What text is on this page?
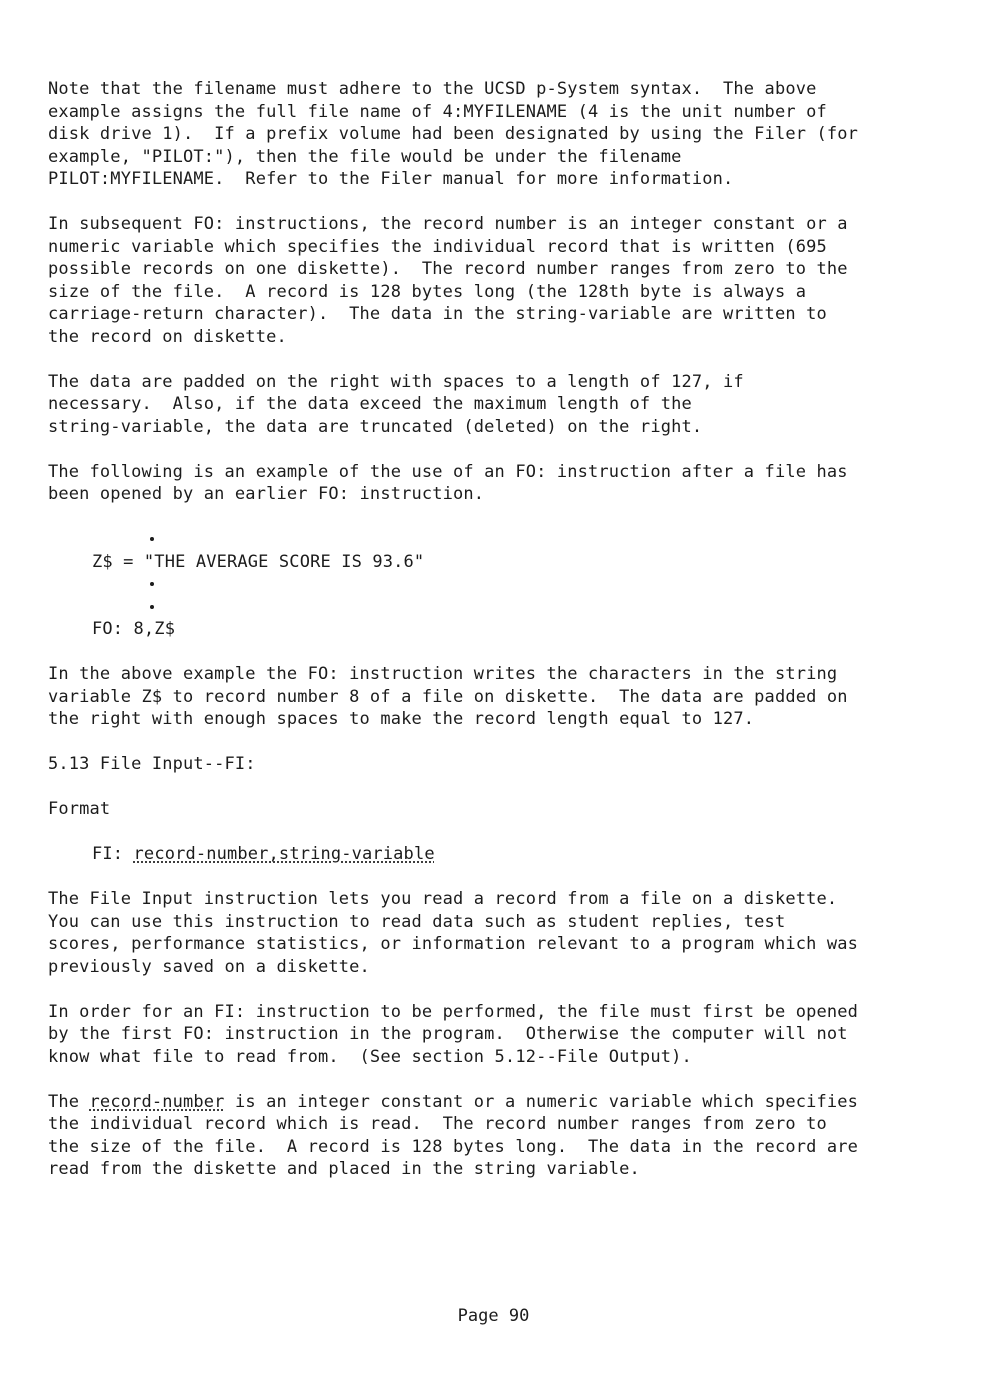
Note that the filename must adhere to the UCSD p-System syntax.  The above
example assigns the full file name of 4:MYFILENAME (4 is the unit number of
disk drive 1).  If a prefix volume had been designated by using the Filer (for
example, "PILOT:"), then the file would be under the filename
PILOT:MYFILENAME.  Refer to the Filer manual for more information.
In subsequent FO: instructions, the record number is an integer constant or a
numeric variable which specifies the individual record that is written (695
possible records on one diskette).  The record number ranges from zero to the
size of the file.  A record is 128 bytes long (the 128th byte is always a
carriage-return character).  The data in the string-variable are written to
the record on diskette.
The data are padded on the right with spaces to a length of 127, if
necessary.  Also, if the data exceed the maximum length of the
string-variable, the data are truncated (deleted) on the right.
The following is an example of the use of an FO: instruction after a file has
been opened by an earlier FO: instruction.
Z$ = "THE AVERAGE SCORE IS 93.6"
FO: 8,Z$
In the above example the FO: instruction writes the characters in the string
variable Z$ to record number 8 of a file on diskette.  The data are padded on
the right with enough spaces to make the record length equal to 127.
5.13 File Input--FI:
Format
FI: record-number,string-variable
The File Input instruction lets you read a record from a file on a diskette.
You can use this instruction to read data such as student replies, test
scores, performance statistics, or information relevant to a program which was
previously saved on a diskette.
In order for an FI: instruction to be performed, the file must first be opened
by the first FO: instruction in the program.  Otherwise the computer will not
know what file to read from.  (See section 5.12--File Output).
The record-number is an integer constant or a numeric variable which specifies
the individual record which is read.  The record number ranges from zero to
the size of the file.  A record is 128 bytes long.  The data in the record are
read from the diskette and placed in the string variable.
Page 90
